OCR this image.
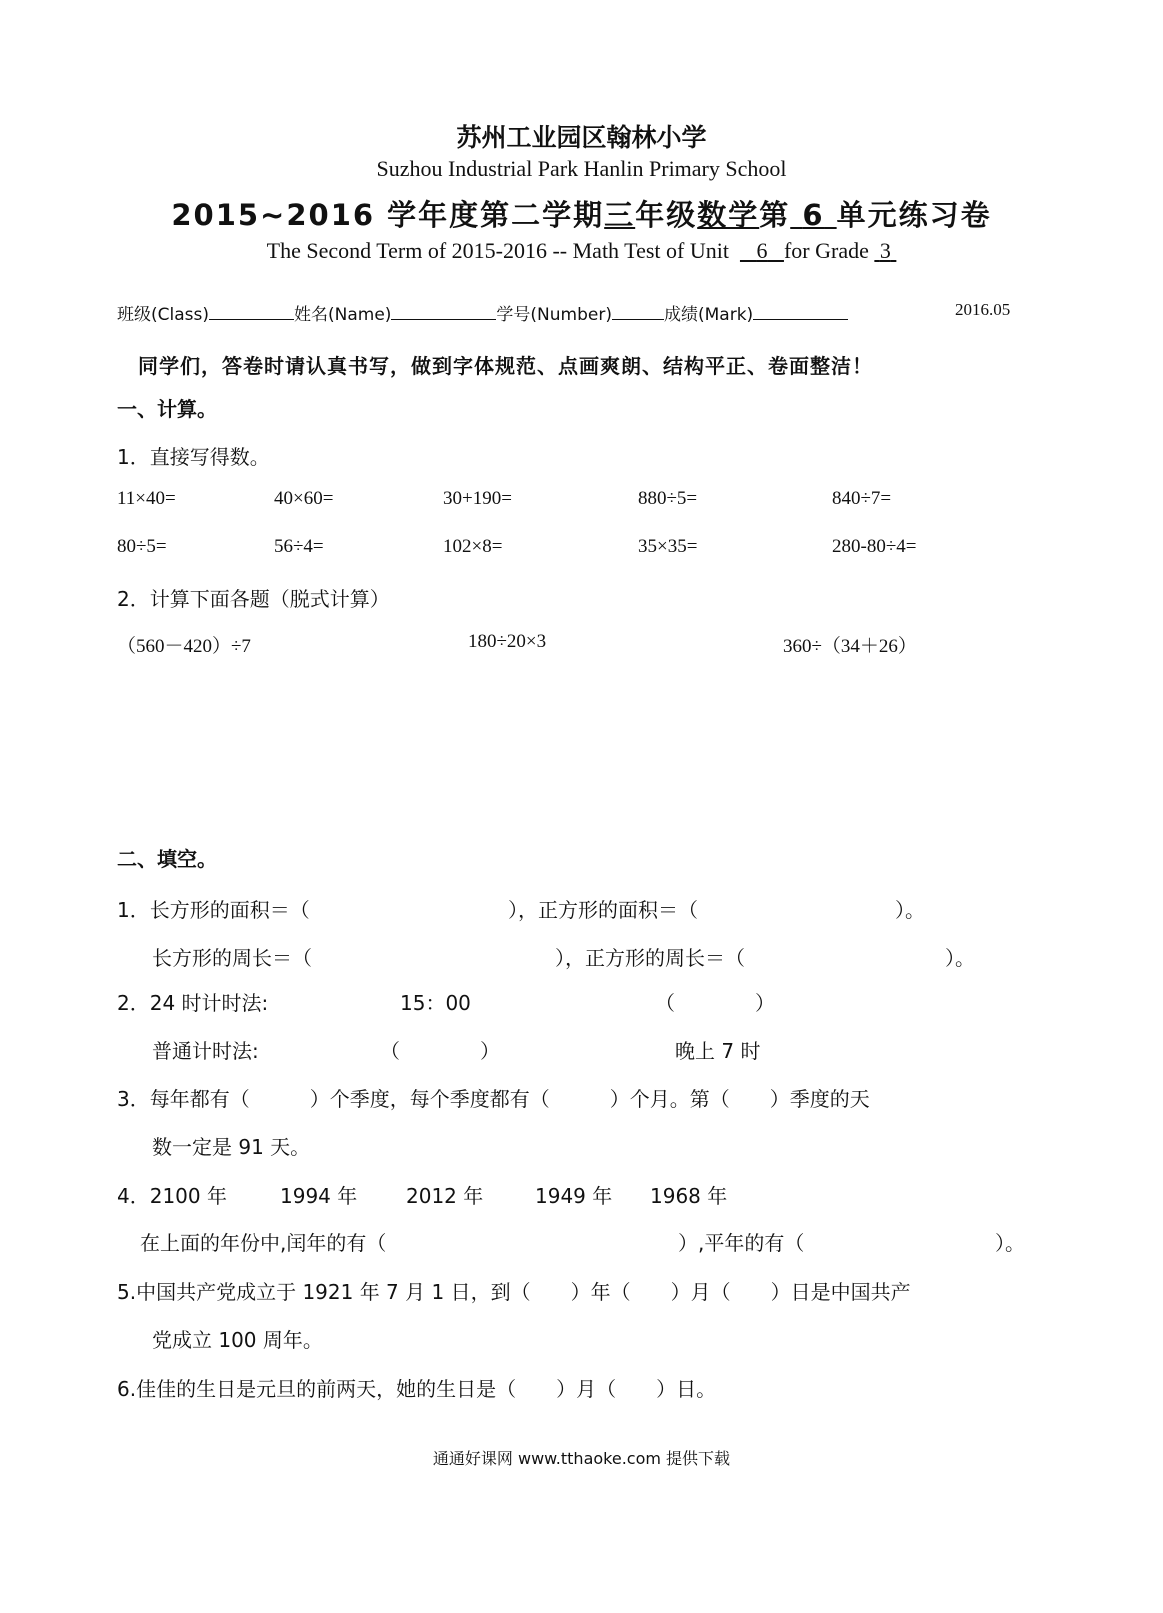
苏州工业园区翰林小学
Suzhou Industrial Park Hanlin Primary School
2015~2016 学年度第二学期三年级数学第 6 单元练习卷
The Second Term of 2015-2016 -- Math Test of Unit 6 for Grade 3
班级(Class)	姓名(Name)	学号(Number)	成绩(Mark)	2016.05
同学们，答卷时请认真书写，做到字体规范、点画爽朗、结构平正、卷面整洁！
一、计算。
1．直接写得数。
11×40=	40×60=	30+190=	880÷5=	840÷7=
80÷5=	56÷4=	102×8=	35×35=	280-80÷4=
2．计算下面各题（脱式计算）
（560－420）÷7	180÷20×3	360÷（34＋26）
二、填空。
1．长方形的面积＝（	），正方形的面积＝（	）。
长方形的周长＝（	），正方形的周长＝（	）。
2．24 时计时法:	15：00	（　　　　）
普通计时法:	（　　　　）	晚上 7 时
3．每年都有（　　　）个季度，每个季度都有（　　　）个月。第（　　）季度的天
数一定是 91 天。
4．2100 年	1994 年 2012 年	1949 年 1968 年
在上面的年份中,闰年的有（	）,平年的有（	）。
5.中国共产党成立于 1921 年 7 月 1 日，到（　　）年（　　）月（　　）日是中国共产
党成立 100 周年。
6.佳佳的生日是元旦的前两天，她的生日是（　　）月（　　）日。
通通好课网 www.tthaoke.com 提供下载
